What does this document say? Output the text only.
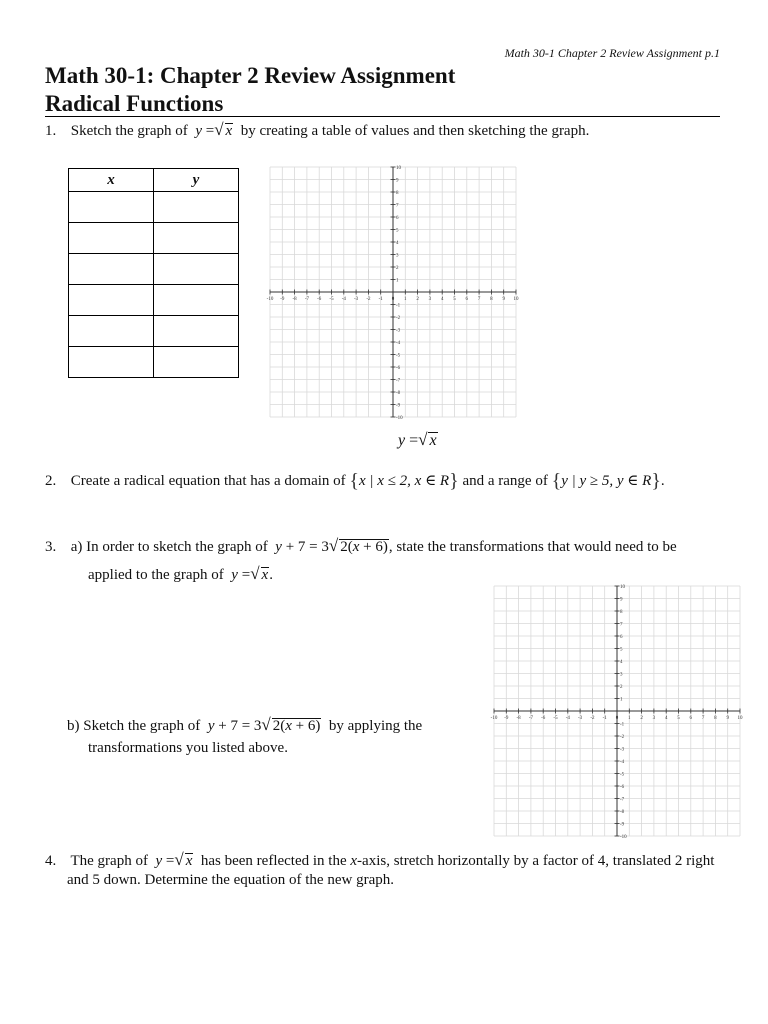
Math 30-1 Chapter 2 Review Assignment p.1
Math 30-1: Chapter 2 Review Assignment
Radical Functions
1. Sketch the graph of  y =√ x by creating a table of values and then sketching the graph.
x	y

-10
-10
-9
-9
-8
-8
-7
-7
-6
-6
-5
-5
-4
-4
-3
-3
-2
-2
-1
-1
0 1
1
2
2
3
3
4
4
5
5
6
6
7
7
8
8
9
9
10
10
y =√ x
2. Create a radical equation that has a domain of {x | x ≤ 2, x ∈ R} and a range of {y | y ≥ 5, y ∈ R}.
3. a) In order to sketch the graph of  y + 7 = 3√ 2(x + 6), state the transformations that would need to be
applied to the graph of  y =√ x.
b) Sketch the graph of  y + 7 = 3√ 2(x + 6) by applying the
transformations you listed above.
-10
-10
-9
-9
-8
-8
-7
-7
-6
-6
-5
-5
-4
-4
-3
-3
-2
-2
-1
-1
0 1
1
2
2
3
3
4
4
5
5
6
6
7
7
8
8
9
9
10
10
4. The graph of  y =√ x has been reflected in the x-axis, stretch horizontally by a factor of 4, translated 2 right
and 5 down. Determine the equation of the new graph.
